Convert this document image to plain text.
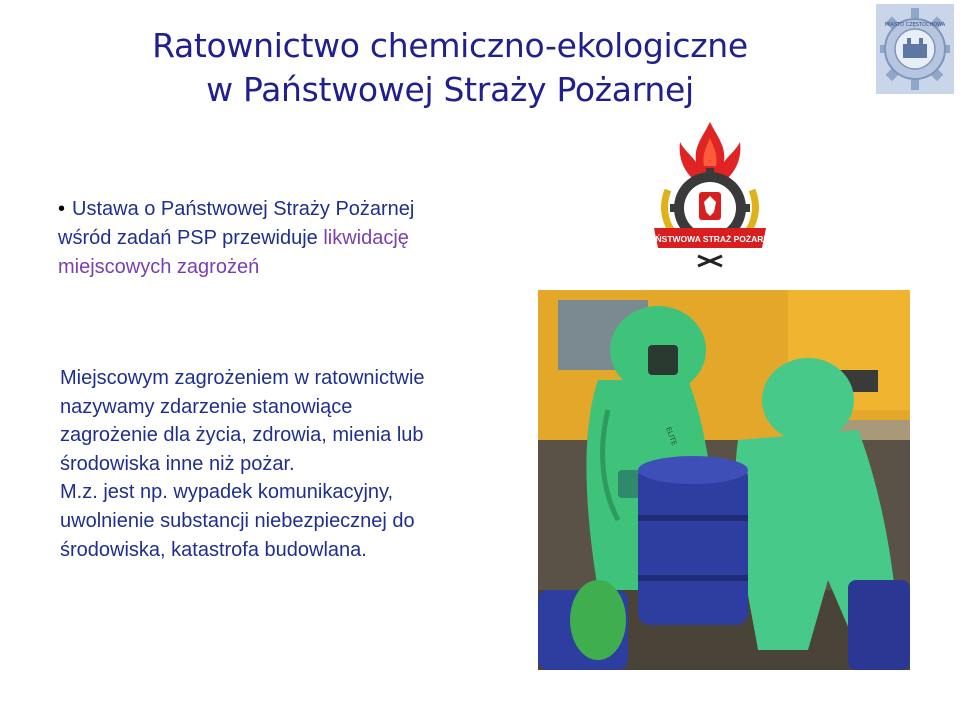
Ratownictwo chemiczno-ekologiczne
w Państwowej Straży Pożarnej
MIASTO CZĘSTOCHOWA
• Ustawa o Państwowej Straży Pożarnej
wśród zadań PSP przewiduje likwidację miejscowych zagrożeń

Miejscowym zagrożeniem w ratownictwie

nazywamy zdarzenie stanowiące

zagrożenie dla życia, zdrowia, mienia lub

środowiska inne niż pożar.

M.z. jest np. wypadek komunikacyjny,

uwolnienie substancji niebezpiecznej do

środowiska, katastrofa budowlana.

PAŃSTWOWA STRAŻ POŻARNA
ELITE
